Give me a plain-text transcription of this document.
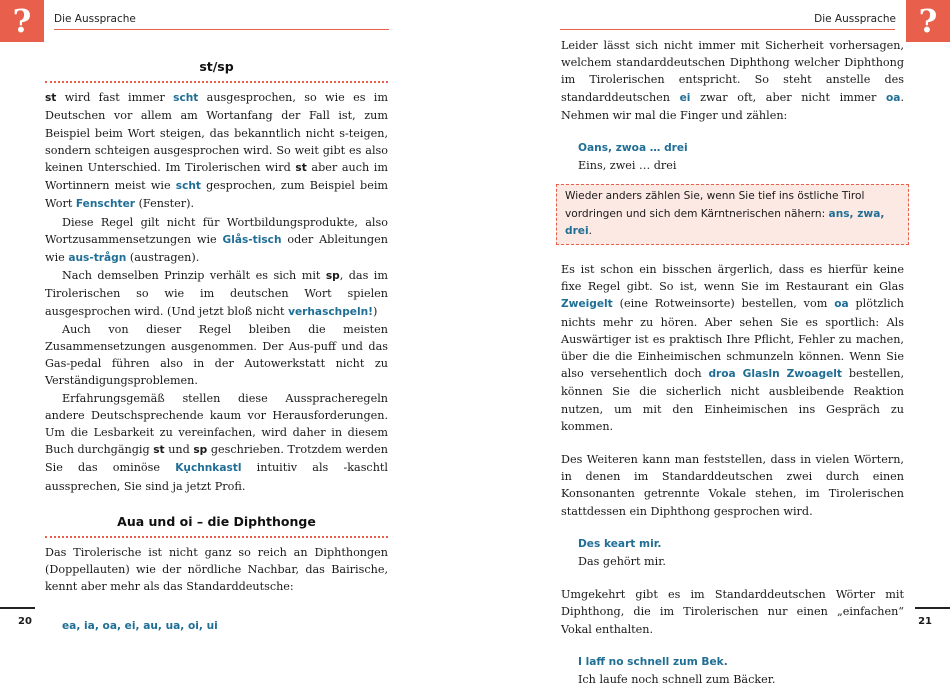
?	Die Aussprache
st/sp

st wird fast immer scht ausgesprochen, so wie es im Deutschen vor allem am Wortanfang der Fall ist, zum Beispiel beim Wort steigen, das bekanntlich nicht s-teigen, sondern schteigen ausgesprochen wird. So weit gibt es also keinen Unterschied. Im Tirolerischen wird st aber auch im Wortinnern meist wie scht gesprochen, zum Beispiel beim Wort Fenschter (Fenster).

Diese Regel gilt nicht für Wortbildungsprodukte, also Wortzusammensetzungen wie Glås-tisch oder Ableitungen wie aus-trågn (austragen).

Nach demselben Prinzip verhält es sich mit sp, das im Tirolerischen so wie im deutschen Wort spielen ausgesprochen wird. (Und jetzt bloß nicht verhaschpeln!)

Auch von dieser Regel bleiben die meisten Zusammensetzungen ausgenommen. Der Aus-puff und das Gas-pedal führen also in der Autowerkstatt nicht zu Verständigungsproblemen.

Erfahrungsgemäß stellen diese Ausspracheregeln andere Deutschsprechende kaum vor Herausforderungen. Um die Lesbarkeit zu vereinfachen, wird daher in diesem Buch durchgängig st und sp geschrieben. Trotzdem werden Sie das ominöse Kụchnkastl intuitiv als -kaschtl aussprechen, Sie sind ja jetzt Profi.

Aua und oi – die Diphthonge

Das Tirolerische ist nicht ganz so reich an Diphthongen (Doppellauten) wie der nördliche Nachbar, das Bairische, kennt aber mehr als das Standarddeutsche:

ea, ia, oa, ei, au, ua, oi, ui
20
?
Die Aussprache

Leider lässt sich nicht immer mit Sicherheit vorhersagen, welchem standarddeutschen Diphthong welcher Diphthong im Tirolerischen entspricht. So steht anstelle des standarddeutschen ei zwar oft, aber nicht immer oa. Nehmen wir mal die Finger und zählen:

Oans, zwoa … drei
Eins, zwei … drei
Wieder anders zählen Sie, wenn Sie tief ins östliche Tirol vordringen und sich dem Kärntnerischen nähern: ans, zwa, drei.

Es ist schon ein bisschen ärgerlich, dass es hierfür keine fixe Regel gibt. So ist, wenn Sie im Restaurant ein Glas Zweigelt (eine Rotweinsorte) bestellen, vom oa plötzlich nichts mehr zu hören. Aber sehen Sie es sportlich: Als Auswärtiger ist es praktisch Ihre Pflicht, Fehler zu machen, über die die Einheimischen schmunzeln können. Wenn Sie also versehentlich doch droa Glasln Zwoagelt bestellen, können Sie die sicherlich nicht ausbleibende Reaktion nutzen, um mit den Einheimischen ins Gespräch zu kommen.

Des Weiteren kann man feststellen, dass in vielen Wörtern, in denen im Standarddeutschen zwei durch einen Konsonanten getrennte Vokale stehen, im Tirolerischen stattdessen ein Diphthong gesprochen wird.

Des keart mir.
Das gehört mir.

Umgekehrt gibt es im Standarddeutschen Wörter mit Diphthong, die im Tirolerischen nur einen „einfachen“ Vokal enthalten.

I laff no schnell zum Bek.
Ich laufe noch schnell zum Bäcker.
21
